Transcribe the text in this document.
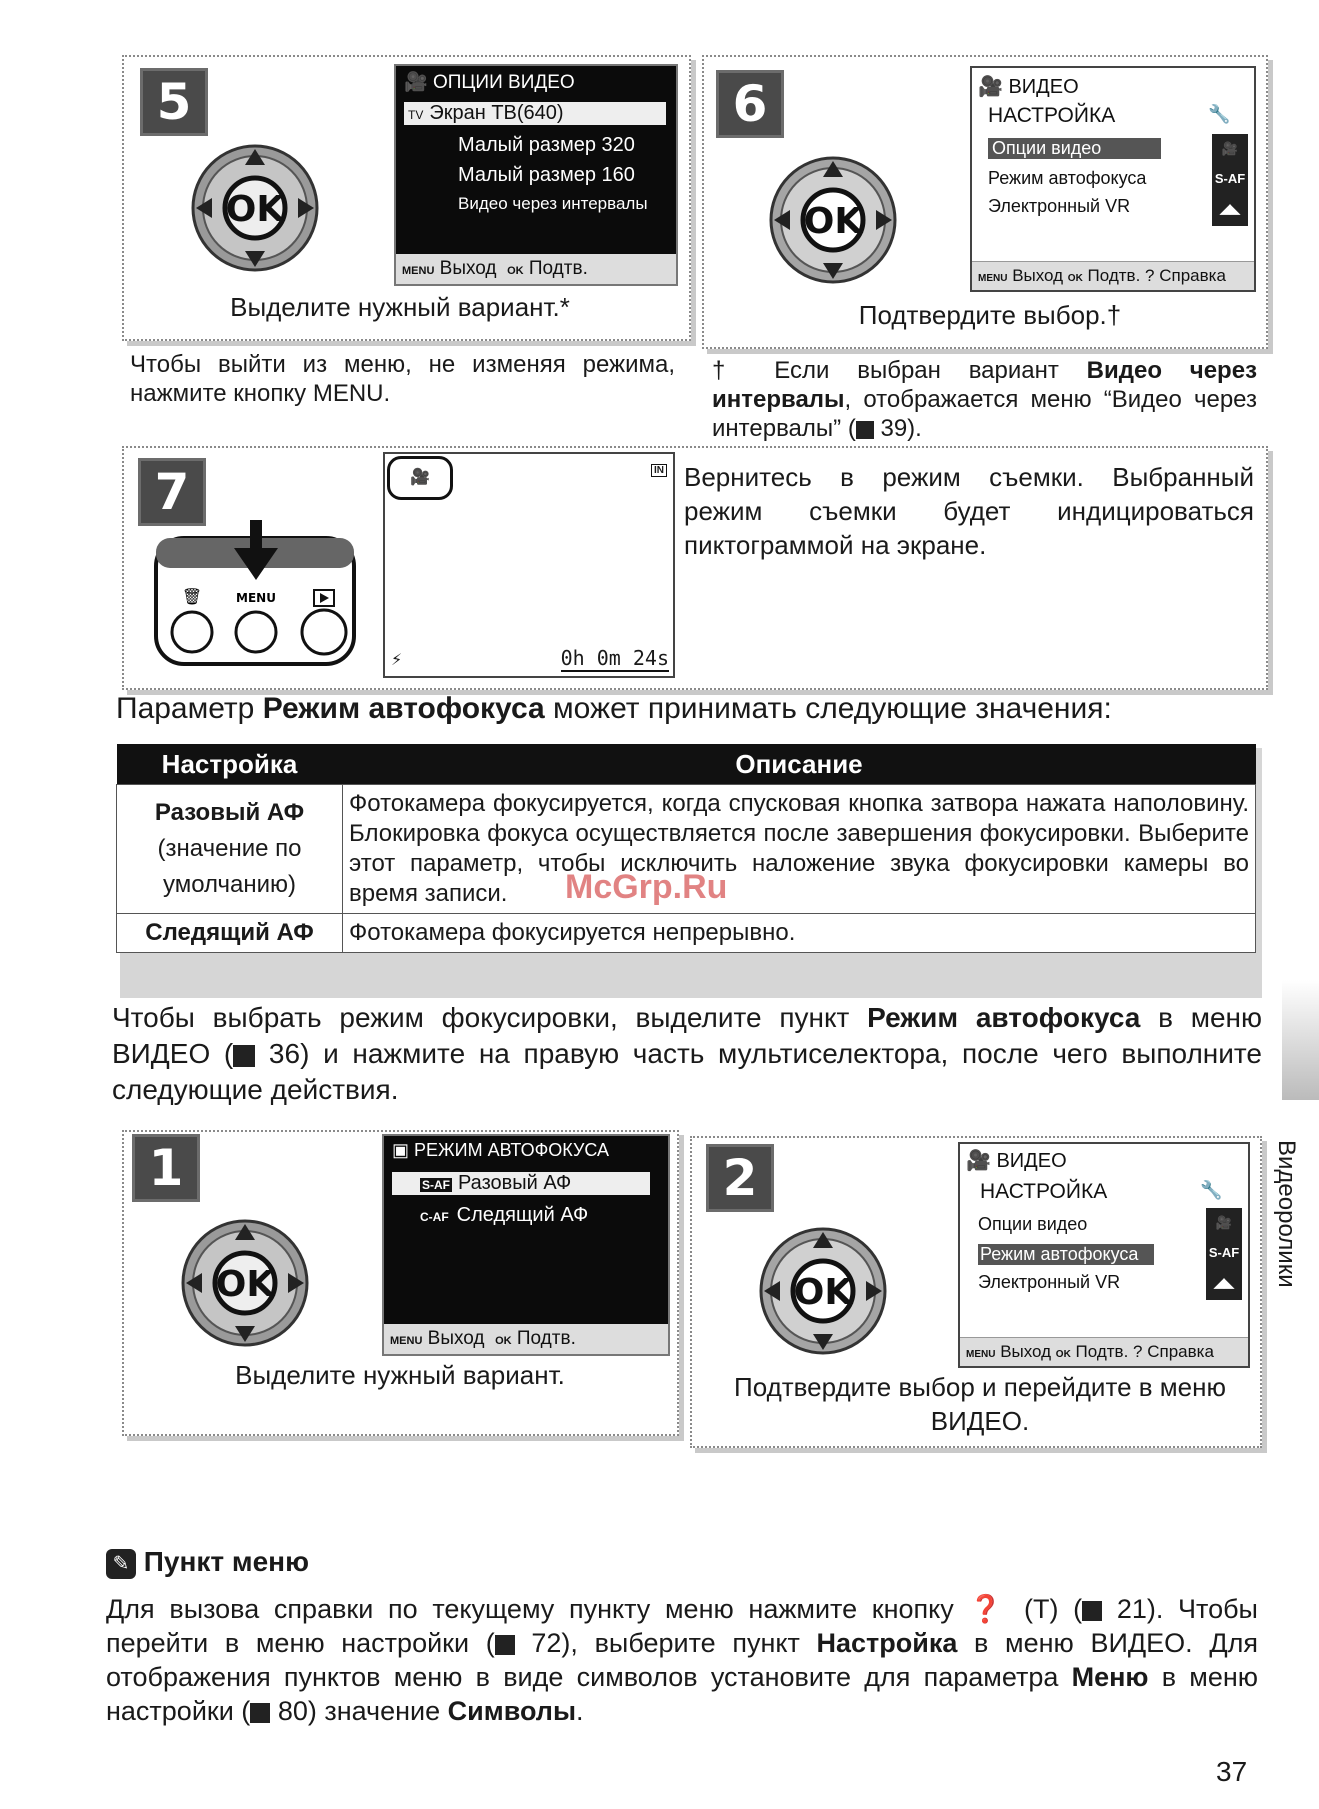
5
OK
🎥 ОПЦИИ ВИДЕО
TV Экран ТВ(640)
Малый размер 320
Малый размер 160
Видео через интервалы
MENU Выход OK Подтв.
Выделите нужный вариант.*
6
OK
🎥 ВИДЕО
НАСТРОЙКА	🔧
Опции видео
Режим автофокуса
Электронный VR
🎥
S-AF
◢◣
MENU Выход OK Подтв. ? Справка
Подтвердите выбор.†
Чтобы выйти из меню, не изменяя режима, нажмите кнопку MENU.
† Если выбран вариант Видео через интервалы, отображается меню “Видео через интервалы” ( 39).
7
🗑	MENU
🎥	IN
⚡	0h 0m 24s
Вернитесь в режим съемки. Выбранный режим съемки будет индицироваться пиктограммой на экране.
Параметр Режим автофокуса может принимать следующие значения:
Настройка	Описание
Разовый АФ
(значение по умолчанию)	Фотокамера фокусируется, когда спусковая кнопка затвора нажата наполовину. Блокировка фокуса осуществляется после завершения фокусировки. Выберите этот параметр, чтобы исключить наложение звука фокусировки камеры во время записи.
Следящий АФ	Фотокамера фокусируется непрерывно.
McGrp.Ru
Чтобы выбрать режим фокусировки, выделите пункт Режим автофокуса в меню ВИДЕО ( 36) и нажмите на правую часть мультиселектора, после чего выполните следующие действия.
Видеоролики
1
OK
▣ РЕЖИМ АВТОФОКУСА
S-AF Разовый АФ
C-AF Следящий АФ
MENU Выход OK Подтв.
Выделите нужный вариант.
2
OK
🎥 ВИДЕО
НАСТРОЙКА	🔧
Опции видео
Режим автофокуса
Электронный VR
🎥
S-AF
◢◣
MENU Выход OK Подтв. ? Справка
Подтвердите выбор и перейдите в меню ВИДЕО.
✎ Пункт меню
Для вызова справки по текущему пункту меню нажмите кнопку ❓ (T) ( 21). Чтобы перейти в меню настройки ( 72), выберите пункт Настройка в меню ВИДЕО. Для отображения пунктов меню в виде символов установите для параметра Меню в меню настройки ( 80) значение Символы.
37
